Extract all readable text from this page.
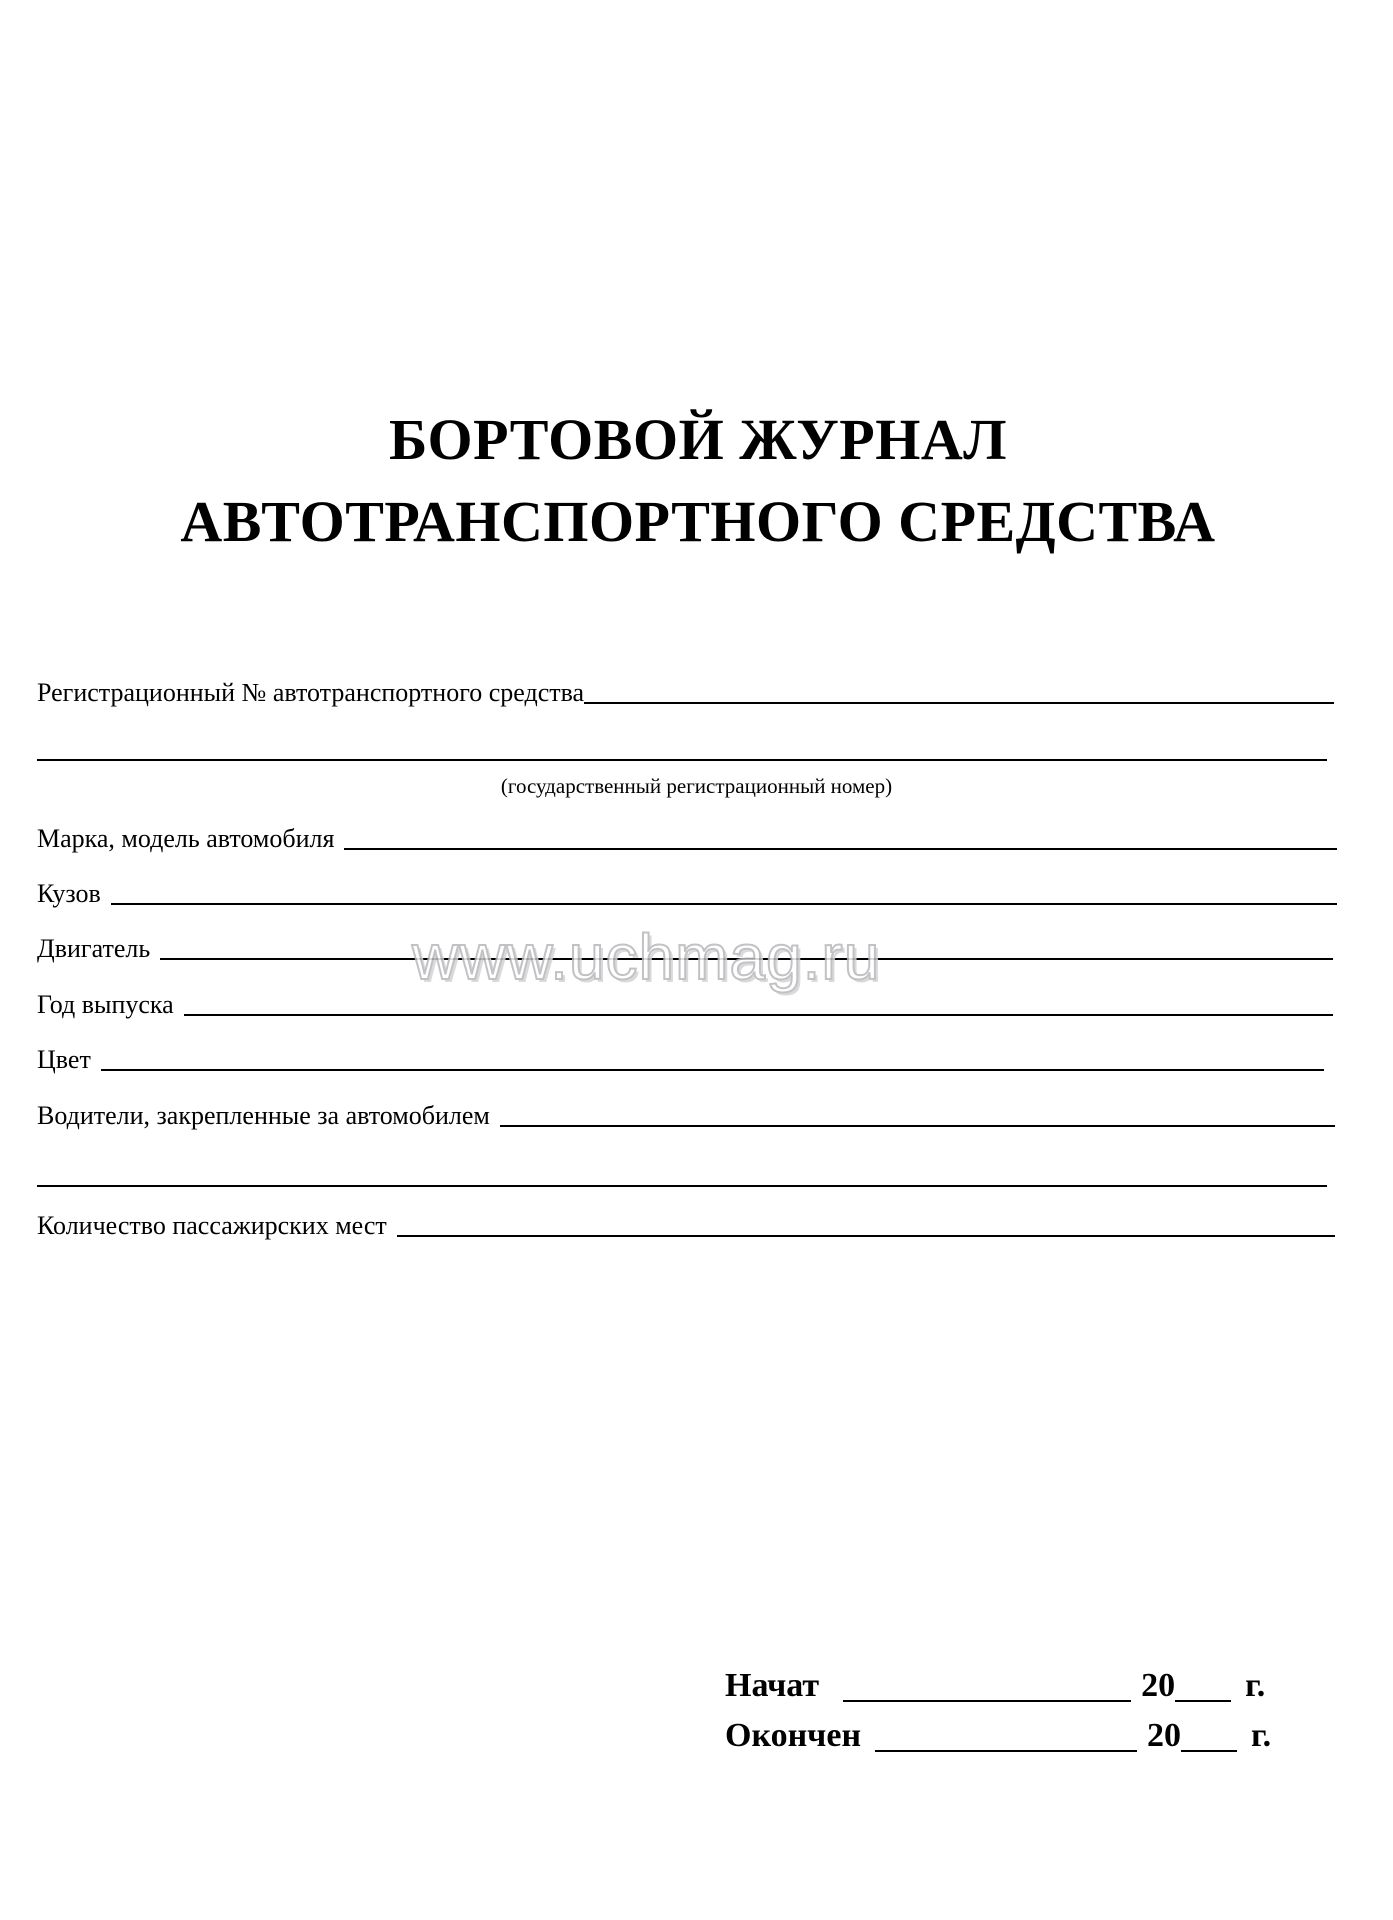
БОРТОВОЙ ЖУРНАЛ
АВТОТРАНСПОРТНОГО СРЕДСТВА
Регистрационный № автотранспортного средства
(государственный регистрационный номер)
Марка, модель автомобиля
Кузов
Двигатель
Год выпуска
Цвет
Водители, закрепленные за автомобилем
Количество пассажирских мест
www.uchmag.ru
Начат	20 г.
Окончен	20 г.
